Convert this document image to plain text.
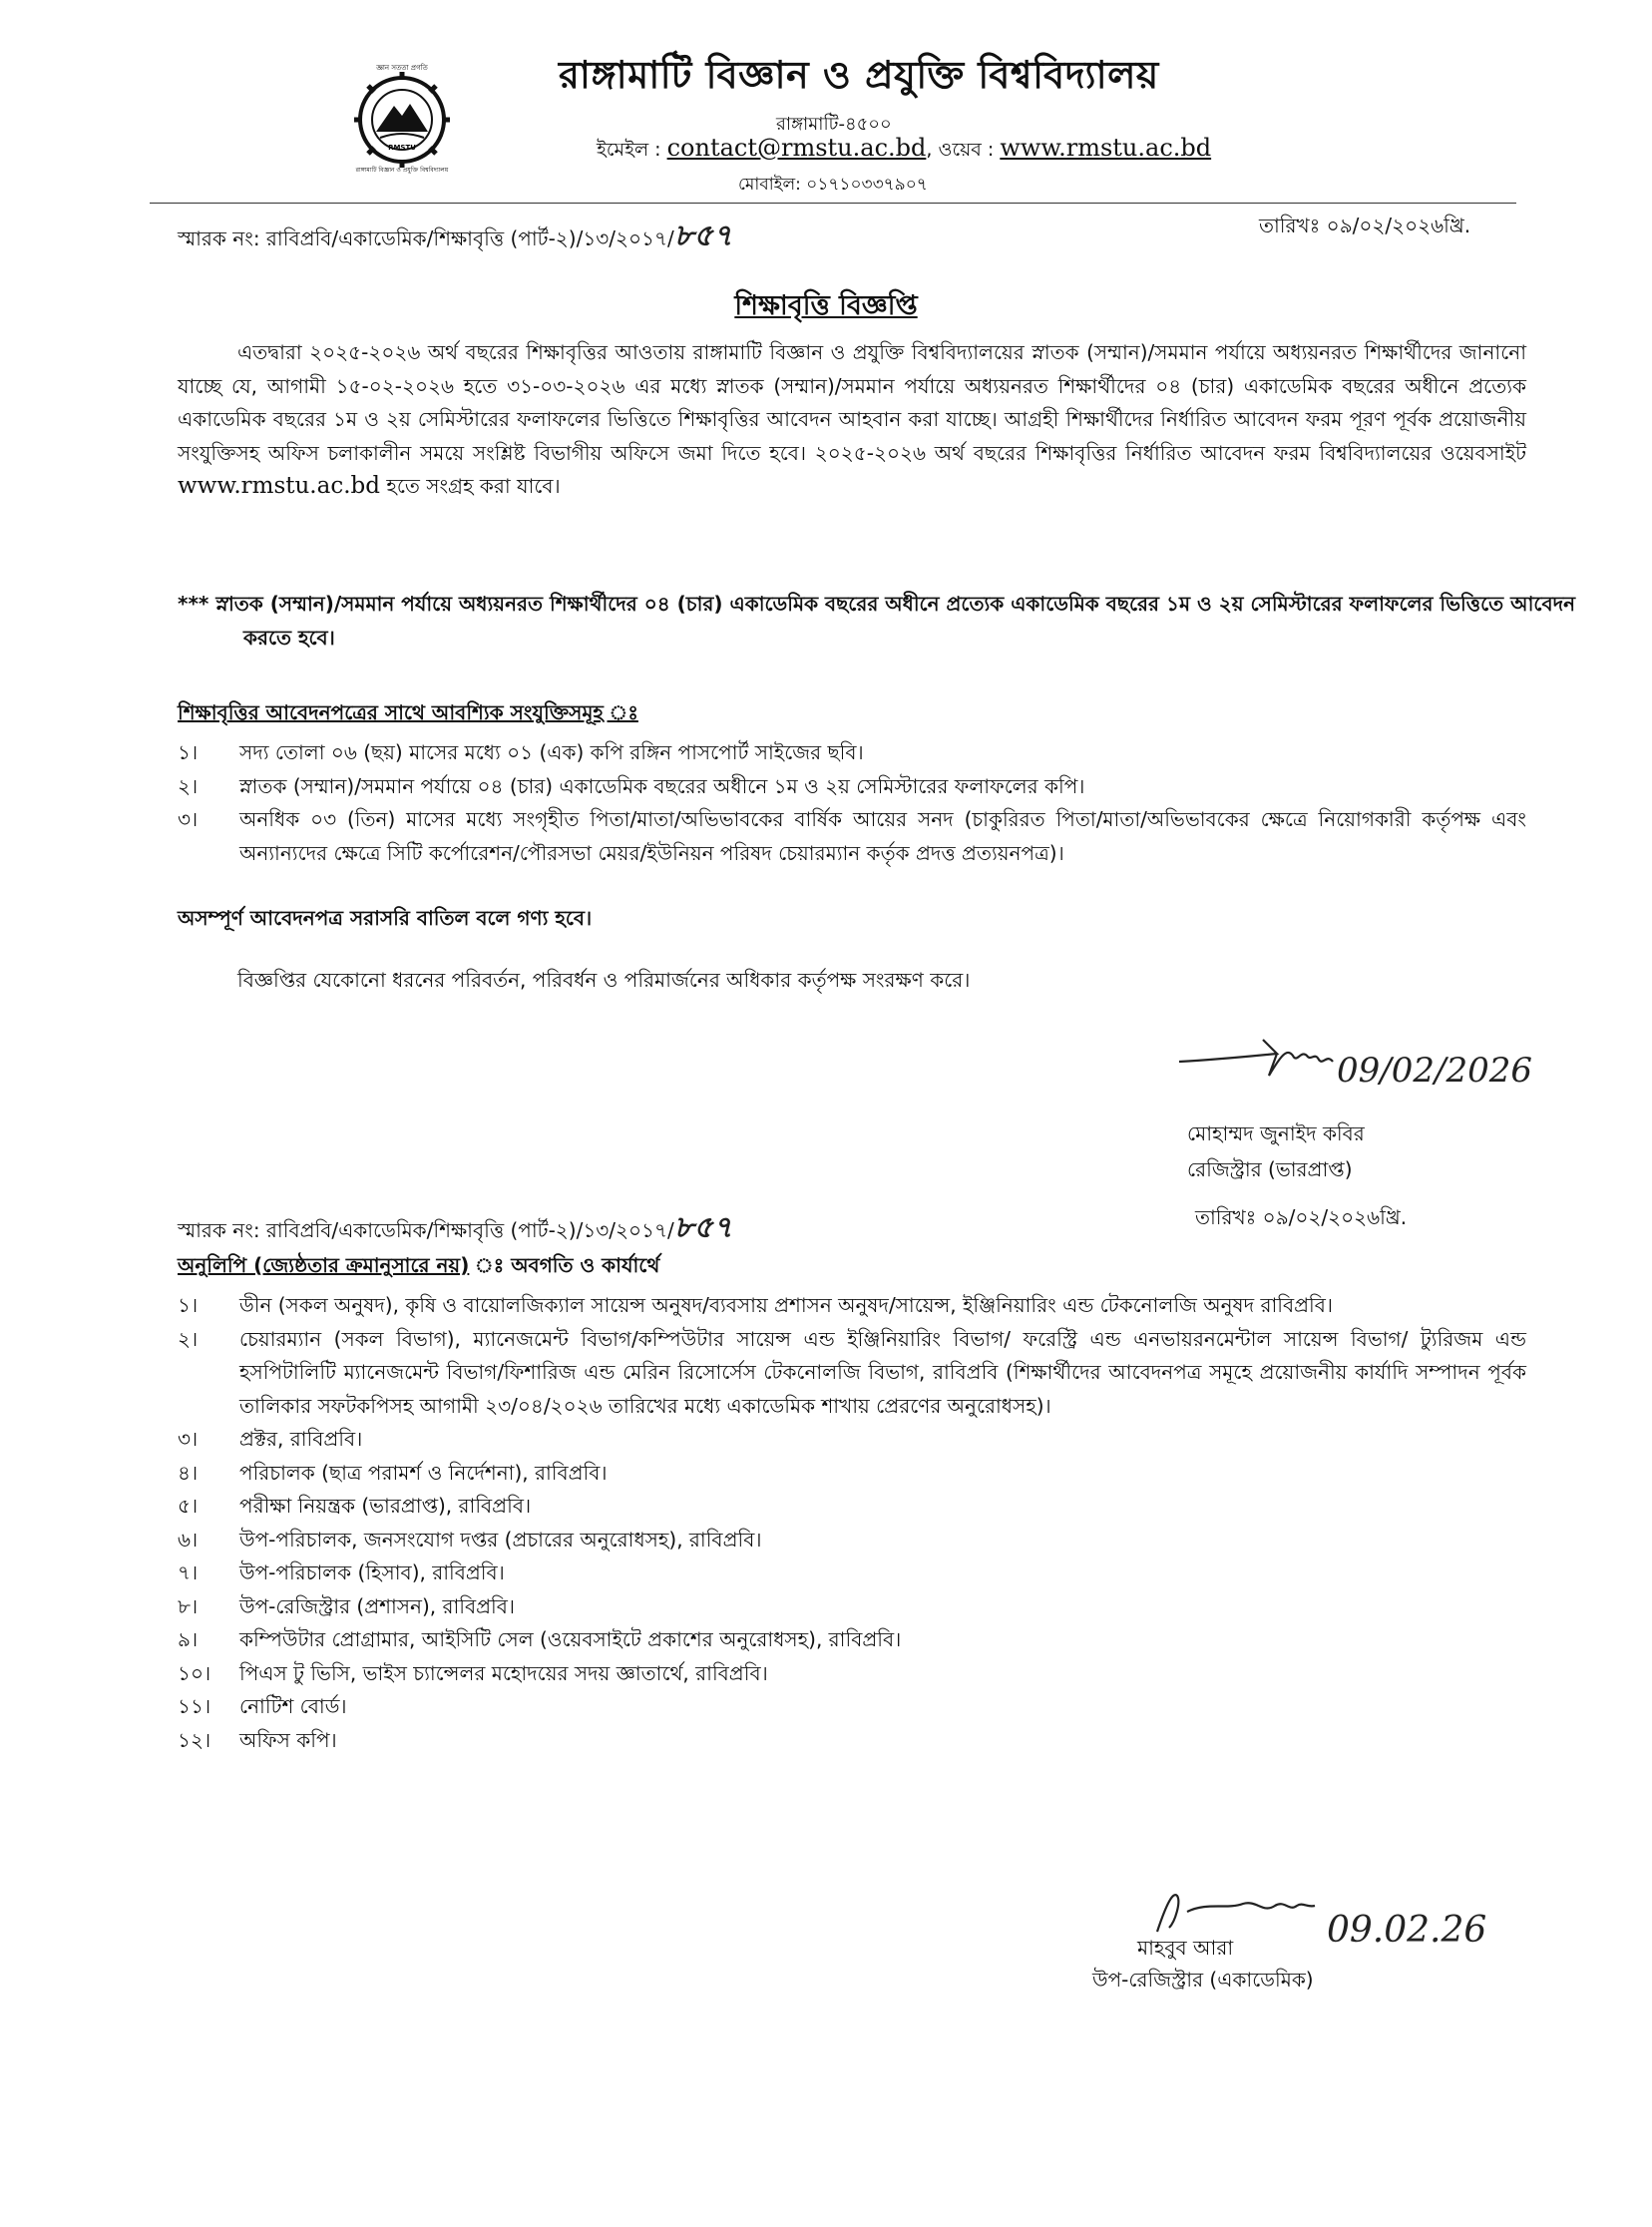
RMSTU
জ্ঞান সততা প্রগতি
রাঙ্গামাটি বিজ্ঞান ও প্রযুক্তি বিশ্ববিদ্যালয়
রাঙ্গামাটি বিজ্ঞান ও প্রযুক্তি বিশ্ববিদ্যালয়
রাঙ্গামাটি-৪৫০০
ইমেইল : contact@rmstu.ac.bd, ওয়েব : www.rmstu.ac.bd
মোবাইল: ০১৭১০৩৩৭৯০৭
স্মারক নং: রাবিপ্রবি/একাডেমিক/শিক্ষাবৃত্তি (পার্ট-২)/১৩/২০১৭/৮৫৭	তারিখঃ ০৯/০২/২০২৬খ্রি.
শিক্ষাবৃত্তি বিজ্ঞপ্তি
এতদ্বারা ২০২৫-২০২৬ অর্থ বছরের শিক্ষাবৃত্তির আওতায় রাঙ্গামাটি বিজ্ঞান ও প্রযুক্তি বিশ্ববিদ্যালয়ের স্নাতক (সম্মান)/সমমান পর্যায়ে অধ্যয়নরত শিক্ষার্থীদের জানানো যাচ্ছে যে, আগামী ১৫-০২-২০২৬ হতে ৩১-০৩-২০২৬ এর মধ্যে স্নাতক (সম্মান)/সমমান পর্যায়ে অধ্যয়নরত শিক্ষার্থীদের ০৪ (চার) একাডেমিক বছরের অধীনে প্রত্যেক একাডেমিক বছরের ১ম ও ২য় সেমিস্টারের ফলাফলের ভিত্তিতে শিক্ষাবৃত্তির আবেদন আহবান করা যাচ্ছে। আগ্রহী শিক্ষার্থীদের নির্ধারিত আবেদন ফরম পূরণ পূর্বক প্রয়োজনীয় সংযুক্তিসহ অফিস চলাকালীন সময়ে সংশ্লিষ্ট বিভাগীয় অফিসে জমা দিতে হবে। ২০২৫-২০২৬ অর্থ বছরের শিক্ষাবৃত্তির নির্ধারিত আবেদন ফরম বিশ্ববিদ্যালয়ের ওয়েবসাইট www.rmstu.ac.bd হতে সংগ্রহ করা যাবে।
*** স্নাতক (সম্মান)/সমমান পর্যায়ে অধ্যয়নরত শিক্ষার্থীদের ০৪ (চার) একাডেমিক বছরের অধীনে প্রত্যেক একাডেমিক বছরের ১ম ও ২য় সেমিস্টারের ফলাফলের ভিত্তিতে আবেদন করতে হবে।
শিক্ষাবৃত্তির আবেদনপত্রের সাথে আবশ্যিক সংযুক্তিসমূহ ঃ
১।	সদ্য তোলা ০৬ (ছয়) মাসের মধ্যে ০১ (এক) কপি রঙ্গিন পাসপোর্ট সাইজের ছবি।
২।	স্নাতক (সম্মান)/সমমান পর্যায়ে ০৪ (চার) একাডেমিক বছরের অধীনে ১ম ও ২য় সেমিস্টারের ফলাফলের কপি।
৩।	অনধিক ০৩ (তিন) মাসের মধ্যে সংগৃহীত পিতা/মাতা/অভিভাবকের বার্ষিক আয়ের সনদ (চাকুরিরত পিতা/মাতা/অভিভাবকের ক্ষেত্রে নিয়োগকারী কর্তৃপক্ষ এবং অন্যান্যদের ক্ষেত্রে সিটি কর্পোরেশন/পৌরসভা মেয়র/ইউনিয়ন পরিষদ চেয়ারম্যান কর্তৃক প্রদত্ত প্রত্যয়নপত্র)।
অসম্পূর্ণ আবেদনপত্র সরাসরি বাতিল বলে গণ্য হবে।
বিজ্ঞপ্তির যেকোনো ধরনের পরিবর্তন, পরিবর্ধন ও পরিমার্জনের অধিকার কর্তৃপক্ষ সংরক্ষণ করে।
09/02/2026
মোহাম্মদ জুনাইদ কবির
রেজিস্ট্রার (ভারপ্রাপ্ত)
স্মারক নং: রাবিপ্রবি/একাডেমিক/শিক্ষাবৃত্তি (পার্ট-২)/১৩/২০১৭/৮৫৭	তারিখঃ ০৯/০২/২০২৬খ্রি.
অনুলিপি (জ্যেষ্ঠতার ক্রমানুসারে নয়) ঃ অবগতি ও কার্যার্থে
১।	ডীন (সকল অনুষদ), কৃষি ও বায়োলজিক্যাল সায়েন্স অনুষদ/ব্যবসায় প্রশাসন অনুষদ/সায়েন্স, ইঞ্জিনিয়ারিং এন্ড টেকনোলজি অনুষদ রাবিপ্রবি।
২।	চেয়ারম্যান (সকল বিভাগ), ম্যানেজমেন্ট বিভাগ/কম্পিউটার সায়েন্স এন্ড ইঞ্জিনিয়ারিং বিভাগ/ ফরেস্ট্রি এন্ড এনভায়রনমেন্টাল সায়েন্স বিভাগ/ ট্যুরিজম এন্ড হসপিটালিটি ম্যানেজমেন্ট বিভাগ/ফিশারিজ এন্ড মেরিন রিসোর্সেস টেকনোলজি বিভাগ, রাবিপ্রবি (শিক্ষার্থীদের আবেদনপত্র সমূহে প্রয়োজনীয় কার্যাদি সম্পাদন পূর্বক তালিকার সফটকপিসহ আগামী ২৩/০৪/২০২৬ তারিখের মধ্যে একাডেমিক শাখায় প্রেরণের অনুরোধসহ)।
৩।	প্রক্টর, রাবিপ্রবি।
৪।	পরিচালক (ছাত্র পরামর্শ ও নির্দেশনা), রাবিপ্রবি।
৫।	পরীক্ষা নিয়ন্ত্রক (ভারপ্রাপ্ত), রাবিপ্রবি।
৬।	উপ-পরিচালক, জনসংযোগ দপ্তর (প্রচারের অনুরোধসহ), রাবিপ্রবি।
৭।	উপ-পরিচালক (হিসাব), রাবিপ্রবি।
৮।	উপ-রেজিস্ট্রার (প্রশাসন), রাবিপ্রবি।
৯।	কম্পিউটার প্রোগ্রামার, আইসিটি সেল (ওয়েবসাইটে প্রকাশের অনুরোধসহ), রাবিপ্রবি।
১০।	পিএস টু ভিসি, ভাইস চ্যান্সেলর মহোদয়ের সদয় জ্ঞাতার্থে, রাবিপ্রবি।
১১।	নোটিশ বোর্ড।
১২।	অফিস কপি।
09.02.26
মাহবুব আরা
উপ-রেজিস্ট্রার (একাডেমিক)
